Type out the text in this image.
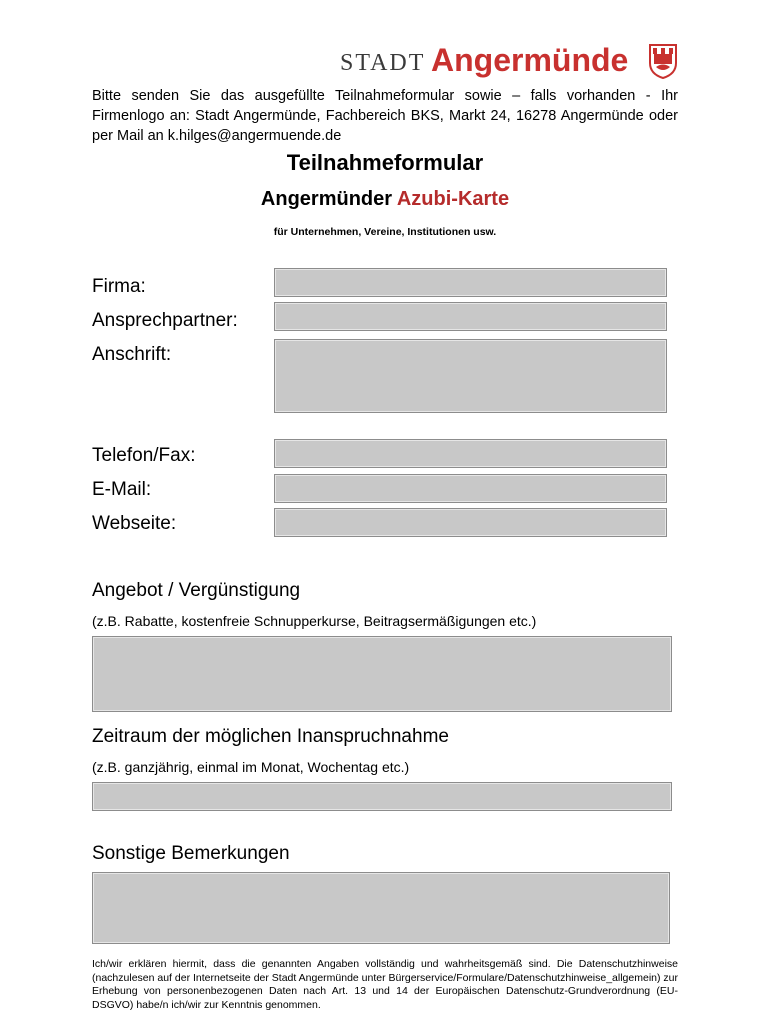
STADT Angermünde
Bitte senden Sie das ausgefüllte Teilnahmeformular sowie – falls vorhanden - Ihr Firmenlogo an: Stadt Angermünde, Fachbereich BKS, Markt 24, 16278 Angermünde oder per Mail an k.hilges@angermuende.de
Teilnahmeformular
Angermünder Azubi-Karte
für Unternehmen, Vereine, Institutionen usw.
Firma:
Ansprechpartner:
Anschrift:
Telefon/Fax:
E-Mail:
Webseite:
Angebot / Vergünstigung
(z.B. Rabatte, kostenfreie Schnupperkurse, Beitragsermäßigungen etc.)
Zeitraum der möglichen Inanspruchnahme
(z.B. ganzjährig, einmal im Monat, Wochentag etc.)
Sonstige Bemerkungen
Ich/wir erklären hiermit, dass die genannten Angaben vollständig und wahrheitsgemäß sind. Die Datenschutzhinweise (nachzulesen auf der Internetseite der Stadt Angermünde unter Bürgerservice/Formulare/Datenschutzhinweise_allgemein) zur Erhebung von personenbezogenen Daten nach Art. 13 und 14 der Europäischen Datenschutz-Grundverordnung (EU-DSGVO) habe/n ich/wir zur Kenntnis genommen.
